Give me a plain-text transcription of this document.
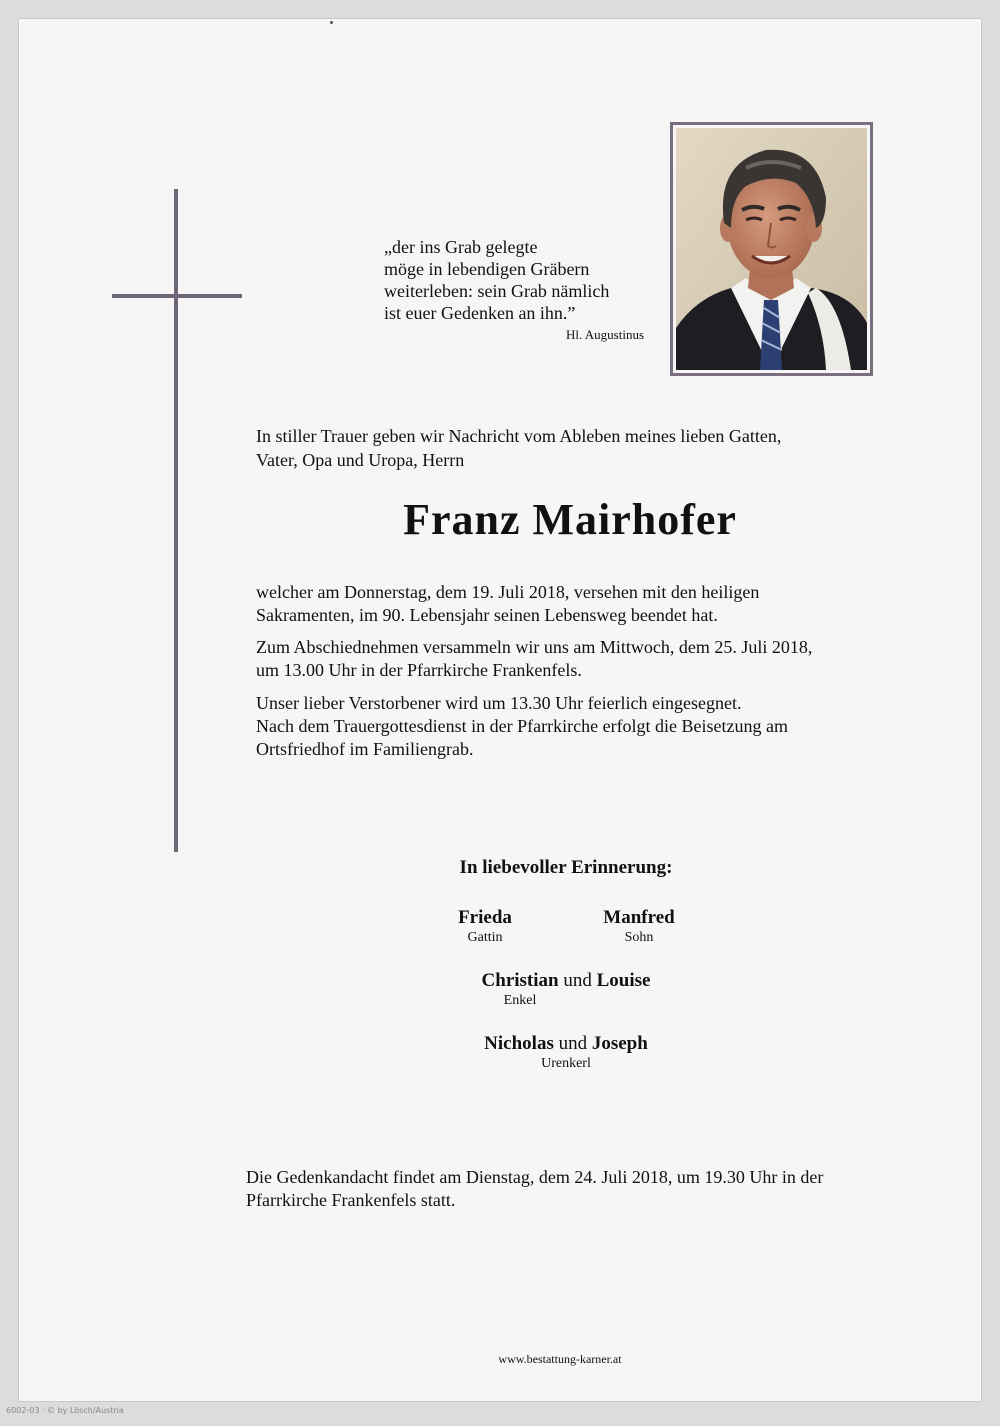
„der ins Grab gelegte
möge in lebendigen Gräbern
weiterleben: sein Grab nämlich
ist euer Gedenken an ihn.”
Hl. Augustinus
In stiller Trauer geben wir Nachricht vom Ableben meines lieben Gatten,
Vater, Opa und Uropa, Herrn
Franz Mairhofer
welcher am Donnerstag, dem 19. Juli 2018, versehen mit den heiligen
Sakramenten, im 90. Lebensjahr seinen Lebensweg beendet hat.
Zum Abschiednehmen versammeln wir uns am Mittwoch, dem 25. Juli 2018,
um 13.00 Uhr in der Pfarrkirche Frankenfels.
Unser lieber Verstorbener wird um 13.30 Uhr feierlich eingesegnet.
Nach dem Trauergottesdienst in der Pfarrkirche erfolgt die Beisetzung am
Ortsfriedhof im Familiengrab.
In liebevoller Erinnerung:
Frieda
Gattin
Manfred
Sohn
Christian und Louise
Enkel
Nicholas und Joseph
Urenkerl
Die Gedenkandacht findet am Dienstag, dem 24. Juli 2018, um 19.30 Uhr in der
Pfarrkirche Frankenfels statt.
www.bestattung-karner.at
6002-03 · © by Lösch/Austria
